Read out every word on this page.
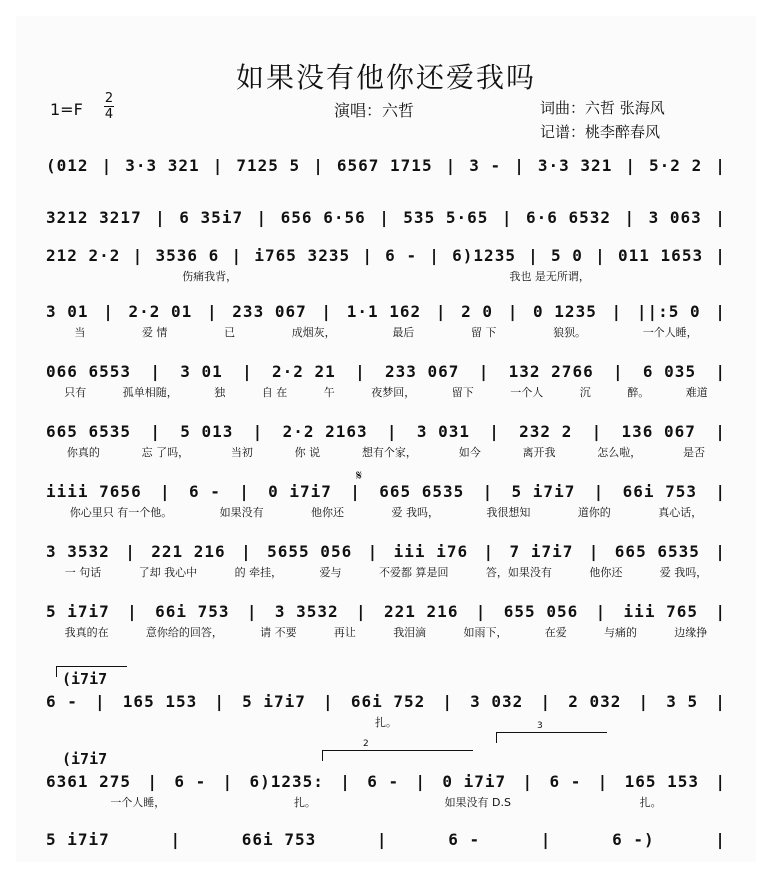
如果没有他你还爱我吗
1=F
2
4	演唱：六哲	词曲：六哲 张海风
记谱：桃李醉春风
(012 | 3·3 321 | 7125 5 | 6567 1715 | 3 - | 3·3 321 | 5·2 2 |
3212 3217 | 6 35i7 | 656 6·56 | 535 5·65 | 6·6 6532 | 3 063 |
212 2·2 | 3536 6 | i765 3235 | 6 - | 6)1235 | 5 0 | 011 1653 |
伤痛我背，	我也 是无所谓，
3 01 | 2·2 01 | 233 067 | 1·1 162 | 2 0 | 0 1235 | ||:5 0 |
当	爱 情	已	成烟灰，	最后	留 下	狼狈。	一个人睡，
066 6553 | 3 01 | 2·2 21 | 233 067 | 132 2766 | 6 035 |
只有	孤单相随，	独	自 在	午	夜梦回，	留下	一个人	沉	醉。	难道
665 6535 | 5 013 | 2·2 2163 | 3 031 | 232 2 | 136 067 |
你真的	忘 了吗，	当初	你 说	想有个家，	如今	离开我	怎么啦，	是否
iiii 7656 | 6 - | 0 i7i7 | 665 6535 | 5 i7i7 | 66i 753 |
你心里只 有一个他。	如果没有	他你还	爱 我吗，	我很想知	道你的	真心话，
3 3532 | 221 216 | 5655 056 | iii i76 | 7 i7i7 | 665 6535 |
一 句话	了却 我心中	的 牵挂，	爱与	不爱都 算是回	答，如果没有	他你还	爱 我吗，
5 i7i7 | 66i 753 | 3 3532 | 221 216 | 655 056 | iii 765 |
我真的在	意你给的回答，	请 不要	再让	我泪滴	如雨下，	在爱	与痛的	边缘挣
6 - | 165 153 | 5 i7i7 | 66i 752 | 3 032 | 2 032 | 3 5 |
(i7i7
扎。
6361 275 | 6 - | 6)1235: | 6 - | 0 i7i7 | 6 - | 165 153 |
(i7i7
一个人睡，	扎。	如果没有 D.S	扎。
5 i7i7	|	66i 753	|	6 -	|	6 -)	|
𝄋
2
3
